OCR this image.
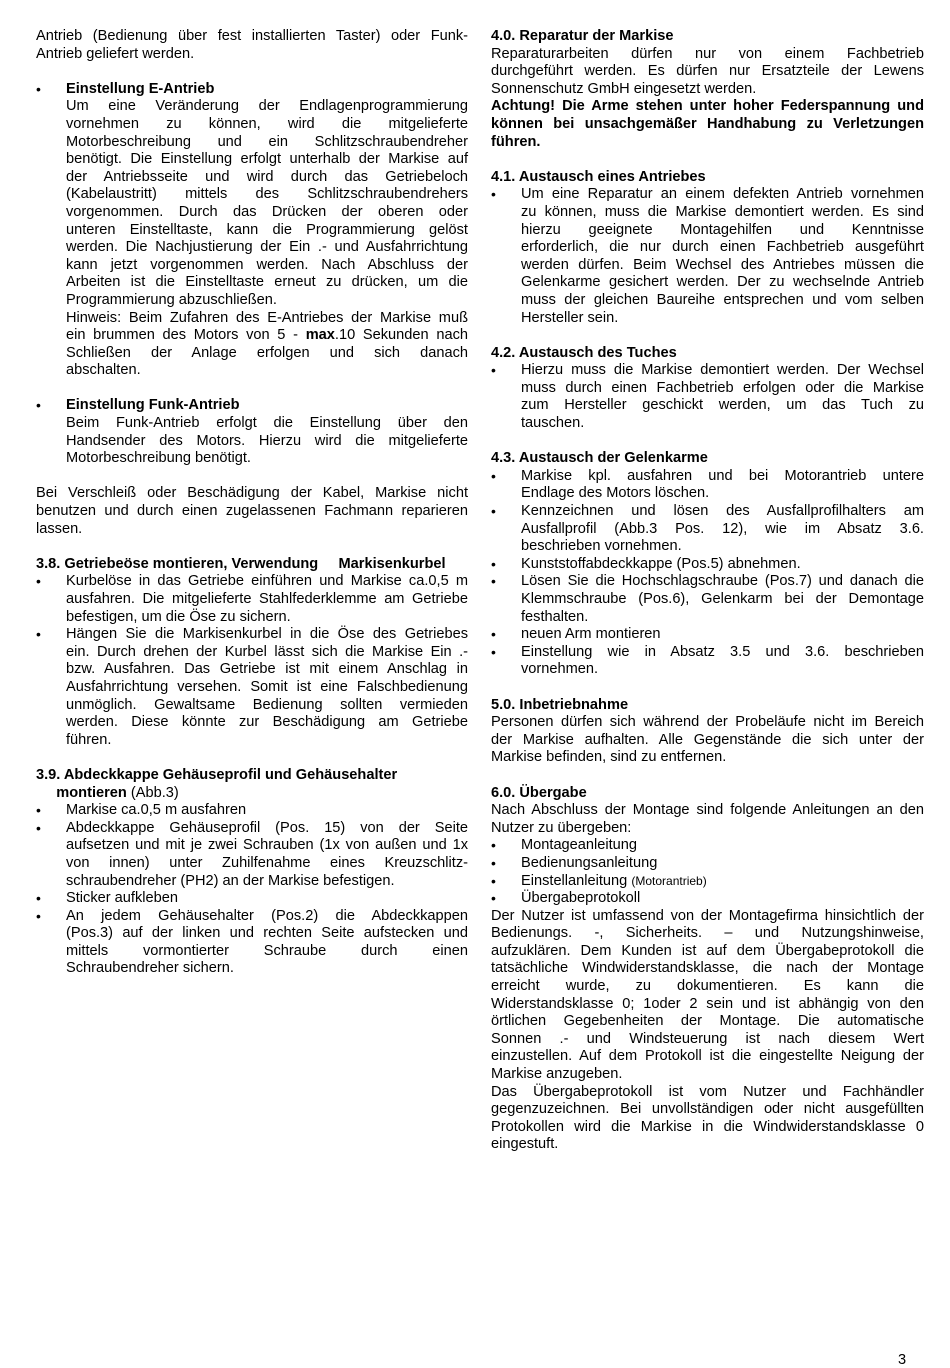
Antrieb (Bedienung über fest installierten Taster) oder Funk-
Antrieb geliefert werden.
•	Einstellung E-Antrieb
Um eine Veränderung der Endlagenprogrammierung
vornehmen zu können, wird die mitgelieferte
Motorbeschreibung und ein Schlitzschraubendreher
benötigt. Die Einstellung erfolgt unterhalb der Markise auf
der Antriebsseite und wird durch das Getriebeloch
(Kabelaustritt) mittels des Schlitzschraubendrehers
vorgenommen. Durch das Drücken der oberen oder
unteren Einstelltaste, kann die Programmierung gelöst
werden. Die Nachjustierung der Ein .- und Ausfahrrichtung
kann jetzt vorgenommen werden. Nach Abschluss der
Arbeiten ist die Einstelltaste erneut zu drücken, um die
Programmierung abzuschließen.
Hinweis: Beim Zufahren des E-Antriebes der Markise muß
ein brummen des Motors von 5 - max.10 Sekunden nach
Schließen der Anlage erfolgen und sich danach
abschalten.
•	Einstellung Funk-Antrieb
Beim Funk-Antrieb erfolgt die Einstellung über den
Handsender des Motors. Hierzu wird die mitgelieferte
Motorbeschreibung benötigt.
Bei Verschleiß oder Beschädigung der Kabel, Markise nicht
benutzen und durch einen zugelassenen Fachmann reparieren
lassen.
3.8. Getriebeöse montieren, Verwendung     Markisenkurbel
•	Kurbelöse in das Getriebe einführen und Markise ca.0,5 m
ausfahren. Die mitgelieferte Stahlfederklemme am Getriebe
befestigen, um die Öse zu sichern.
•	Hängen Sie die Markisenkurbel in die Öse des Getriebes
ein. Durch drehen der Kurbel lässt sich die Markise Ein .-
bzw. Ausfahren. Das Getriebe ist mit einem Anschlag in
Ausfahrrichtung versehen. Somit ist eine Falschbedienung
unmöglich. Gewaltsame Bedienung sollten vermieden
werden. Diese könnte zur Beschädigung am Getriebe
führen.
3.9. Abdeckkappe Gehäuseprofil und Gehäusehalter
montieren (Abb.3)
•	Markise ca.0,5 m ausfahren
•	Abdeckkappe Gehäuseprofil (Pos. 15) von der Seite
aufsetzen und mit je zwei Schrauben (1x von außen und 1x
von innen) unter Zuhilfenahme eines Kreuzschlitz-
schraubendreher (PH2) an der Markise befestigen.
•	Sticker aufkleben
•	An jedem Gehäusehalter (Pos.2) die Abdeckkappen
(Pos.3) auf der linken und rechten Seite aufstecken und
mittels vormontierter Schraube durch einen
Schraubendreher sichern.
4.0. Reparatur der Markise
Reparaturarbeiten dürfen nur von einem Fachbetrieb
durchgeführt werden. Es dürfen nur Ersatzteile der Lewens
Sonnenschutz GmbH eingesetzt werden.
Achtung! Die Arme stehen unter hoher Federspannung und
können bei unsachgemäßer Handhabung zu Verletzungen
führen.
4.1. Austausch eines Antriebes
•	Um eine Reparatur an einem defekten Antrieb vornehmen
zu können, muss die Markise demontiert werden. Es sind
hierzu geeignete Montagehilfen und Kenntnisse
erforderlich, die nur durch einen Fachbetrieb ausgeführt
werden dürfen. Beim Wechsel des Antriebes müssen die
Gelenkarme gesichert werden. Der zu wechselnde Antrieb
muss der gleichen Baureihe entsprechen und vom selben
Hersteller sein.
4.2. Austausch des Tuches
•	Hierzu muss die Markise demontiert werden. Der Wechsel
muss durch einen Fachbetrieb erfolgen oder die Markise
zum Hersteller geschickt werden, um das Tuch zu
tauschen.
4.3. Austausch der Gelenkarme
•	Markise kpl. ausfahren und bei Motorantrieb untere
Endlage des Motors löschen.
•	Kennzeichnen und lösen des Ausfallprofilhalters am
Ausfallprofil (Abb.3 Pos. 12), wie im Absatz 3.6.
beschrieben vornehmen.
•	Kunststoffabdeckkappe (Pos.5) abnehmen.
•	Lösen Sie die Hochschlagschraube (Pos.7) und danach die
Klemmschraube (Pos.6), Gelenkarm bei der Demontage
festhalten.
•	neuen Arm montieren
•	Einstellung wie in Absatz 3.5 und 3.6. beschrieben
vornehmen.
5.0. Inbetriebnahme
Personen dürfen sich während der Probeläufe nicht im Bereich
der Markise aufhalten. Alle Gegenstände die sich unter der
Markise befinden, sind zu entfernen.
6.0. Übergabe
Nach Abschluss der Montage sind folgende Anleitungen an den
Nutzer zu übergeben:
•	Montageanleitung
•	Bedienungsanleitung
•	Einstellanleitung (Motorantrieb)
•	Übergabeprotokoll
Der Nutzer ist umfassend von der Montagefirma hinsichtlich der
Bedienungs. -, Sicherheits. – und Nutzungshinweise,
aufzuklären. Dem Kunden ist auf dem Übergabeprotokoll die
tatsächliche Windwiderstandsklasse, die nach der Montage
erreicht wurde, zu dokumentieren. Es kann die
Widerstandsklasse 0; 1oder 2 sein und ist abhängig von den
örtlichen Gegebenheiten der Montage. Die automatische
Sonnen .- und Windsteuerung ist nach diesem Wert
einzustellen. Auf dem Protokoll ist die eingestellte Neigung der
Markise anzugeben.
Das Übergabeprotokoll ist vom Nutzer und Fachhändler
gegenzuzeichnen. Bei unvollständigen oder nicht ausgefüllten
Protokollen wird die Markise in die Windwiderstandsklasse 0
eingestuft.
3
